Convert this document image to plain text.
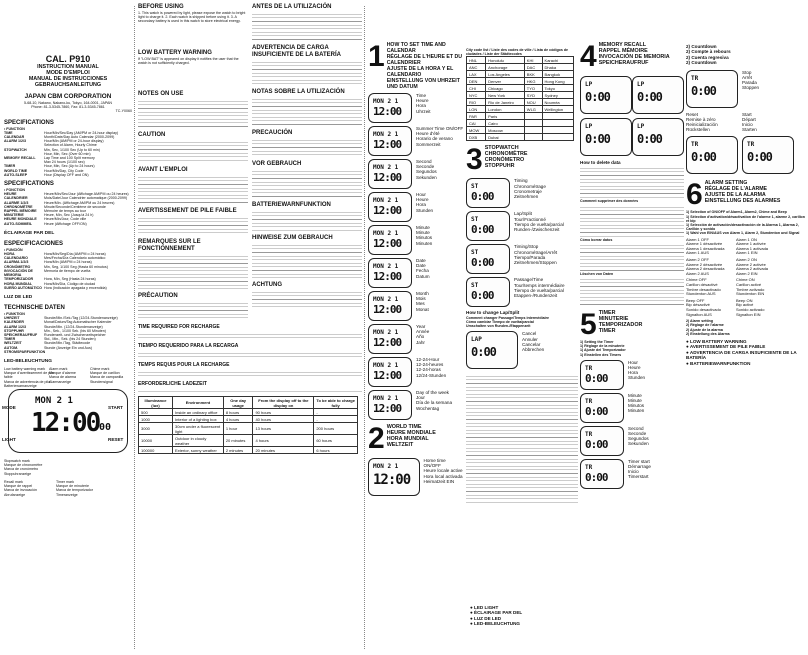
CAL. P910
INSTRUCTION MANUAL
MODE D'EMPLOI
MANUAL DE INSTRUCCIONES
GEBRAUCHSANLEITUNG
JAPAN CBM CORPORATION
5-68-10, Nakano, Nakano-ku, Tokyo, 164-0001, JAPAN
Phone: 81-3-5345-7860, Fax: 81-3-5345-7861
TC-Y0060
SPECIFICATIONS
• FUNCTION
TIME	Hour/Min/Sec/Day (AM/PM or 24-hour display)
CALENDAR	Month/Date/Day Auto Calendar (2000-2099)
ALARM 1/2/3	Hour/Min (AM/PM or 24-hour display)
Selection of Alarm, Hourly Chime
STOPWATCH	Min, Sec, 1/100 Sec (Up to 60 min)
Hour, Min, Sec (Over 60 min)
MEMORY RECALL	Lap Time and 100 Split memory
Max 24 hours (1/100 sec)
TIMER	Hour, Min, Sec (Up to 24 hours)
WORLD TIME	Hour/Min/Day, City Code
AUTO-SLEEP	Hour (Display OFF and ON)
SPECIFICATIONS
• FONCTION
HEURE	Heure/Min/Sec/Jour (Affichage AM/PM ou 24 heures)
CALENDRIER	Mois/Date/Jour Calendrier automatique (2000-2099)
ALARME 1/2/3	Heure/Min. (Affichage AM/PM ou 24 heures)
CHRONOMÈTRE	Minute/Seconde/Centième de seconde
RAPPEL MÉMOIRE	Mémoire de temps au tour
MINUTERIE	Heure, Min, Sec (Jusqu'à 24 h)
HEURE MONDIALE	Heure/Min/Jour, Code ville
AUTO-SOMMEIL	Heure (Affichage OFF/ON)
ÉCLAIRAGE PAR DEL
ESPECIFICACIONES
• FUNCIÓN
HORA	Hora/Min/Seg/Día (AM/PM o 24 horas)
CALENDARIO	Mes/Fecha/Día Calendario automático
ALARMA 1/2/3	Hora/Min (AM/PM o 24 horas)
CRONÓMETRO	Min, Seg, 1/100 Seg (Hasta 60 minutos)
INVOCACIÓN DE MEMORIA
Memoria de tiempo de vuelta
TEMPORIZADOR	Hora, Min, Seg (Hasta 24 horas)
HORA MUNDIAL	Hora/Min/Día, Código de ciudad
SUEÑO AUTOMÁTICO Hora (Indicación apagada y encendida)
LUZ DE LED
TECHNISCHE DATEN
• FUNKTION
UHRZEIT	Stunde/Min./Sek./Tag (12/24-Stundenanzeige)
KALENDER	Monat/Datum/Tag Automatischer Kalender
ALARM 1/2/3	Stunde/Min. (12/24-Stundenanzeige)
STOPPUHR	Min., Sek., 1/100 Sek. (bis 60 Minuten)
SPEICHERAUFRUF	Rundenzeit- und Zwischenzeitspeicher
TIMER	Std., Min., Sek. (bis 24 Stunden)
WELTZEIT	Stunde/Min./Tag, Städtecode
AUTOM. STROMSPARFUNKTION
Stunde (Anzeige Ein und Aus)
LED-BELEUCHTUNG
Low battery warning mark
Marque d'avertissement de pile faible
Marca de advertencia de pila
Batteriewarnanzeige
Alarm mark
Marque d'alarme
Marca de alarma
Alarmanzeige
Chime mark
Marque de carillon
Marca de campanilla
Stundensignal
MON 2 1
12:00 00
MODE
LIGHT
START
RESET
Stopwatch mark
Marque de chronomètre
Marca de cronómetro
Stoppuhranzeige
Recall mark
Marque de rappel
Marca de invocación
Abrufanzeige
Timer mark
Marque de minuterie
Marca de temporizador
Timeranzeige
BEFORE USING
1. This watch is powered by light, please expose the watch to bright light to charge it. 2. Each watch is shipped before using it. 3. A secondary battery is used in this watch to store electrical energy.
LOW BATTERY WARNING
If "LOW BAT" is appeared on display it notifies the user that the watch is not sufficiently charged.
NOTES ON USE
CAUTION
AVANT L'EMPLOI
AVERTISSEMENT DE PILE FAIBLE
REMARQUES SUR LE FONCTIONNEMENT
PRÉCAUTION
ANTES DE LA UTILIZACIÓN
ADVERTENCIA DE CARGA INSUFICIENTE DE LA BATERÍA
NOTAS SOBRE LA UTILIZACIÓN
PRECAUCIÓN
VOR GEBRAUCH
BATTERIEWARNFUNKTION
HINWEISE ZUM GEBRAUCH
ACHTUNG
TIME REQUIRED FOR RECHARGE
TIEMPO REQUERIDO PARA LA RECARGA
TEMPS REQUIS POUR LA RECHARGE
ERFORDERLICHE LADEZEIT
Illuminance (lux)	Environment	One day usage	From the display off to the display on	To be able to charge fully
500	Inside an ordinary office	8 hours	90 hours	-
1000	Interior of a lighting box	4 hours	40 hours	-
3000	30cm under a fluorescent light	1 hour	13 hours	200 hours
10000	Outdoor in cloudy weather	20 minutes	4 hours	60 hours
100000	Exterior, sunny weather	2 minutes	20 minutes	6 hours
1 HOW TO SET TIME AND CALENDAR
RÉGLAGE DE L'HEURE ET DU CALENDRIER
AJUSTE DE LA HORA Y EL CALENDARIO
EINSTELLUNG VON UHRZEIT UND DATUM
MON 2 1
12:00
Time
Heure
Hora
Uhrzeit
MON 2 1
12:00
Summer Time ON/OFF
Heure d'été
Horario de verano
Sommerzeit
MON 2 1
12:00
Second
Seconde
Segundos
Sekunden
MON 2 1
12:00
Hour
Heure
Hora
Stunden
MON 2 1
12:00
Minute
Minute
Minutos
Minuten
MON 2 1
12:00
Date
Date
Fecha
Datum
MON 2 1
12:00
Month
Mois
Mes
Monat
MON 2 1
12:00
Year
Année
Año
Jahr
MON 2 1
12:00
12-24-Hour
12-24-heures
12-24-horas
12/24-Stunden
MON 2 1
12:00
Day of the week
Jour
Día de la semana
Wochentag
2 WORLD TIME
HEURE MONDIALE
HORA MUNDIAL
WELTZEIT
MON 2 1
12:00
Home time ON/OFF
Heure locale active
Hora local activada
Heimatzeit EIN
City code list / Liste des codes de ville / Lista de códigos de ciudades / Liste der Städtecodes
HNL	Honolulu	KHI	Karachi
ANC	Anchorage	DAC	Dhaka
LAX	Los Angeles	BKK	Bangkok
DEN	Denver	HKG	Hong Kong
CHI	Chicago	TYO	Tokyo
NYC	New York	SYD	Sydney
RIO	Rio de Janeiro	NOU	Nouméa
LON	London	WLG	Wellington
PAR	Paris		
CAI	Cairo		
MOW	Moscow		
DXB	Dubai		
3 STOPWATCH
CHRONOMÈTRE
CRONÓMETRO
STOPPUHR
ST
0:00
Timing
Chronométrage
Cronometraje
Zeitnehmen
ST
0:00
Lap/Split
Tour/Fractionné
Tiempo de vuelta/parcial
Runden-/Zwischenzeit
ST
0:00
Timing/Stop
Chronométrage/Arrêt
Tiempo/Parada
Zeitnehmen/Stoppen
ST
0:00
Passage/Time
Tour/temps intermédiaire
Tiempo de vuelta/parcial
Etappen-/Rundenzeit
How to change Lap/Split
Comment changer Passage/Temps intermédiaire
Cómo cambiar Tiempo de vuelta/parcial
Umschalten von Runden-/Etappenzeit
LAP
0:00
Cancel
Annuler
Cancelar
Abbrechen
4 MEMORY RECALL
RAPPEL MÉMOIRE
INVOCACIÓN DE MEMORIA
SPEICHERAUFRUF
LP
0:00
LP
0:00
LP
0:00
LP
0:00
How to delete data
Comment supprimer des données
Cómo borrar datos
Löschen von Daten
5 TIMER
MINUTERIE
TEMPORIZADOR
TIMER
1) Setting the Timer
1) Réglage de la minuterie
1) Ajuste del Temporizador
1) Einstellen des Timers
TR
0:00
Hour
Heure
Hora
Stunden
TR
0:00
Minute
Minute
Minutos
Minuten
TR
0:00
Second
Seconde
Segundos
Sekunden
TR
0:00
Timer start
Démarrage
Inicio
Timerstart
2) Countdown
2) Compte à rebours
2) Cuenta regresiva
2) Countdown
TR
0:00
Stop
Arrêt
Parada
Stoppen
Reset
Remise à zéro
Reinicialización
Rückstellen
Start
Départ
Inicio
Starten
TR
0:00
TR
0:00
6 ALARM SETTING
RÉGLAGE DE L'ALARME
AJUSTE DE LA ALARMA
EINSTELLUNG DES ALARMES
1) Selection of ON/OFF of Alarm1, Alarm2, Chime and Beep
1) Sélection d'activation/désactivation de l'alarme 1, alarme 2, carillon et bip
1) Selección de activación/desactivación de la Alarma 1, Alarma 2, Carillón y sonido
1) Wahl von EIN/AUS von Alarm 1, Alarm 2, Stundenton und Signal
Alarm 1 OFF
Alarme 1 désactivée
Alarma 1 desactivada
Alarm 1 AUS
Alarm 1 ON
Alarme 1 activée
Alarma 1 activada
Alarm 1 EIN
Alarm 2 OFF
Alarme 2 désactivée
Alarma 2 desactivada
Alarm 2 AUS
Alarm 2 ON
Alarme 2 activée
Alarma 2 activada
Alarm 2 EIN
Chime OFF
Carillon désactivé
Timbre desactivado
Stundenton AUS
Chime ON
Carillon activé
Timbre activado
Stundenton EIN
Beep OFF
Bip désactivé
Sonido desactivado
Signalton AUS
Beep ON
Bip activé
Sonido activado
Signalton EIN
2) Alarm setting
2) Réglage de l'alarme
2) Ajuste de la alarma
2) Einstellung des Alarms
● LOW BATTERY WARNING
● AVERTISSEMENT DE PILE FAIBLE
● ADVERTENCIA DE CARGA INSUFICIENTE DE LA BATERÍA
● BATTERIEWARNFUNKTION
● LED LIGHT
● ÉCLAIRAGE PAR DEL
● LUZ DE LED
● LED-BELEUCHTUNG
